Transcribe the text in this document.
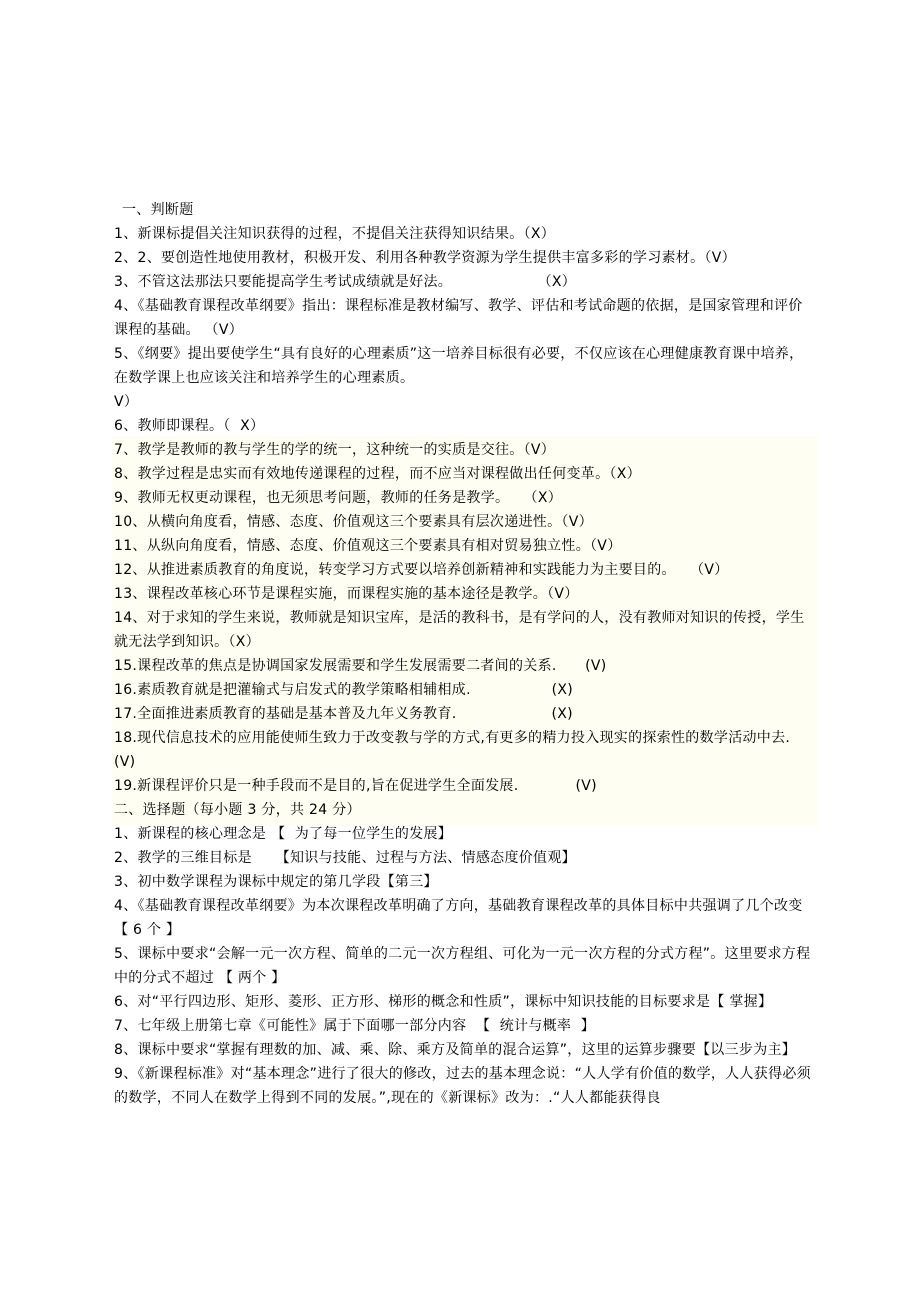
一、判断题
1、新课标提倡关注知识获得的过程，不提倡关注获得知识结果。（X）
2、2、要创造性地使用教材，积极开发、利用各种教学资源为学生提供丰富多彩的学习素材。（V）
3、不管这法那法只要能提高学生考试成绩就是好法。                  （X）
4、《基础教育课程改革纲要》指出：课程标准是教材编写、教学、评估和考试命题的依据，是国家管理和评价课程的基础。 （V）
5、《纲要》提出要使学生“具有良好的心理素质”这一培养目标很有必要，不仅应该在心理健康教育课中培养，在数学课上也应该关注和培养学生的心理素质。
V）
6、教师即课程。（  X）
7、教学是教师的教与学生的学的统一，这种统一的实质是交往。（V）
8、教学过程是忠实而有效地传递课程的过程，而不应当对课程做出任何变革。（X）
9、教师无权更动课程，也无须思考问题，教师的任务是教学。   （X）
10、从横向角度看，情感、态度、价值观这三个要素具有层次递进性。（V）
11、从纵向角度看，情感、态度、价值观这三个要素具有相对贸易独立性。（V）
12、从推进素质教育的角度说，转变学习方式要以培养创新精神和实践能力为主要目的。   （V）
13、课程改革核心环节是课程实施，而课程实施的基本途径是教学。（V）
14、对于求知的学生来说，教师就是知识宝库，是活的教科书，是有学问的人，没有教师对知识的传授，学生就无法学到知识。（X）
15.课程改革的焦点是协调国家发展需要和学生发展需要二者间的关系.      (V)
16.素质教育就是把灌输式与启发式的教学策略相辅相成.                 (X)
17.全面推进素质教育的基础是基本普及九年义务教育.                    (X)
18.现代信息技术的应用能使师生致力于改变教与学的方式,有更多的精力投入现实的探索性的数学活动中去. (V)
19.新课程评价只是一种手段而不是目的,旨在促进学生全面发展.            (V)
二、选择题（每小题 3 分，共 24 分）
1、新课程的核心理念是 【  为了每一位学生的发展】
2、教学的三维目标是     【知识与技能、过程与方法、情感态度价值观】
3、初中数学课程为课标中规定的第几学段【第三】
4、《基础教育课程改革纲要》为本次课程改革明确了方向，基础教育课程改革的具体目标中共强调了几个改变 【 6 个 】
5、课标中要求“会解一元一次方程、简单的二元一次方程组、可化为一元一次方程的分式方程”。这里要求方程中的分式不超过 【 两个 】
6、对“平行四边形、矩形、菱形、正方形、梯形的概念和性质”，课标中知识技能的目标要求是【 掌握】
7、七年级上册第七章《可能性》属于下面哪一部分内容  【  统计与概率  】
8、课标中要求“掌握有理数的加、减、乘、除、乘方及简单的混合运算”，这里的运算步骤要【以三步为主】
9、《新课程标准》对“基本理念”进行了很大的修改，过去的基本理念说：“人人学有价值的数学，人人获得必须的数学，不同人在数学上得到不同的发展。”,现在的《新课标》改为：.“人人都能获得良
